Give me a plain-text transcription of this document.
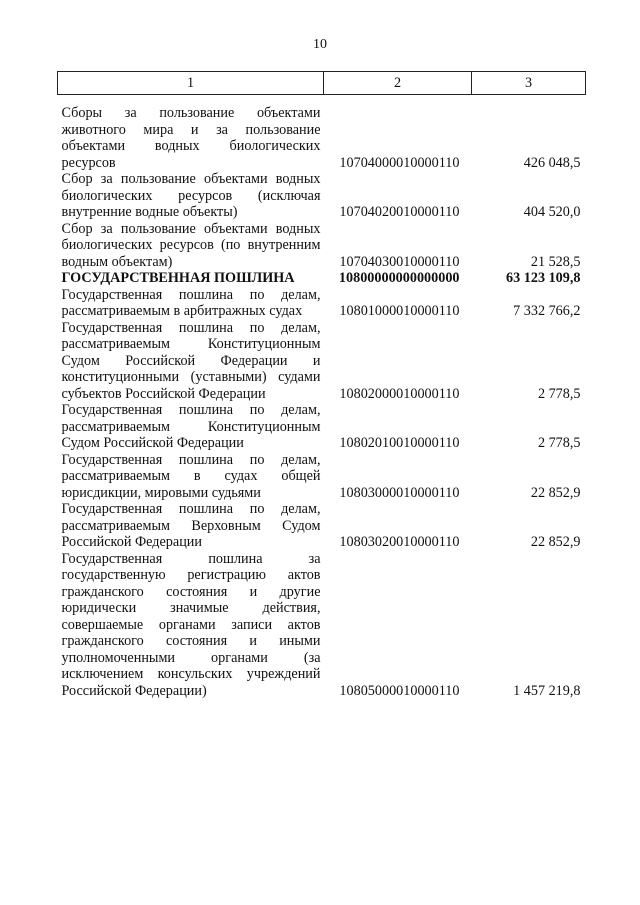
10
1	2	3
Сборы за пользование объектами животного мира и за пользование объектами водных биологических ресурсов	10704000010000110	426 048,5
Сбор за пользование объектами водных биологических ресурсов (исключая внутренние водные объекты)	10704020010000110	404 520,0
Сбор за пользование объектами водных биологических ресурсов (по внутренним водным объектам)	10704030010000110	21 528,5
ГОСУДАРСТВЕННАЯ ПОШЛИНА	10800000000000000	63 123 109,8
Государственная пошлина по делам, рассматриваемым в арбитражных судах	10801000010000110	7 332 766,2
Государственная пошлина по делам, рассматриваемым Конституционным Судом Российской Федерации и конституционными (уставными) судами субъектов Российской Федерации	10802000010000110	2 778,5
Государственная пошлина по делам, рассматриваемым Конституционным Судом Российской Федерации	10802010010000110	2 778,5
Государственная пошлина по делам, рассматриваемым в судах общей юрисдикции, мировыми судьями	10803000010000110	22 852,9
Государственная пошлина по делам, рассматриваемым Верховным Судом Российской Федерации	10803020010000110	22 852,9
Государственная пошлина за государственную регистрацию актов гражданского состояния и другие юридически значимые действия, совершаемые органами записи актов гражданского состояния и иными уполномоченными органами (за исключением консульских учреждений Российской Федерации)	10805000010000110	1 457 219,8
